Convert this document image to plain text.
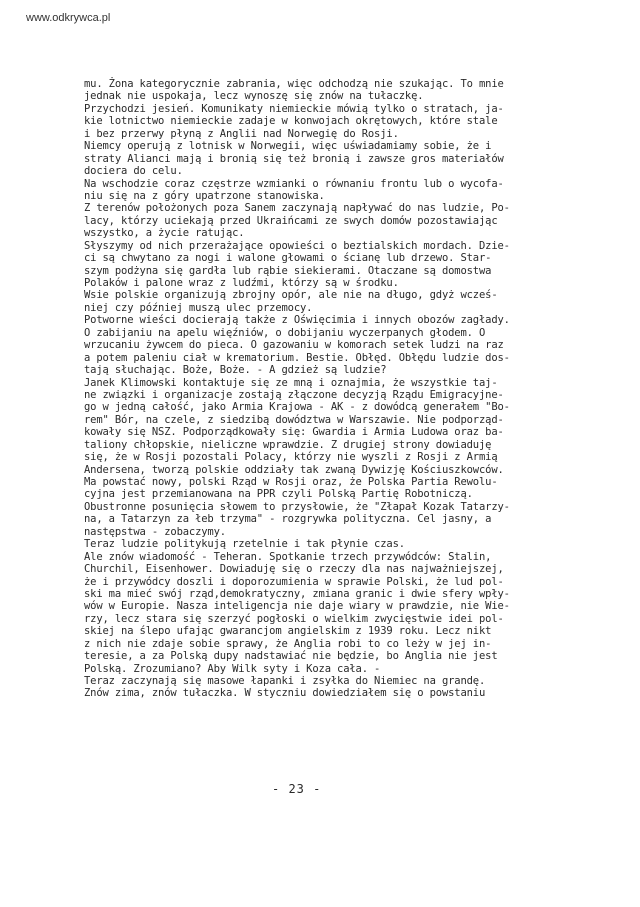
www.odkrywca.pl
mu. Żona kategorycznie zabrania, więc odchodzą nie szukając. To mnie
jednak nie uspokaja, lecz wynoszę się znów na tułaczkę.
Przychodzi jesień. Komunikaty niemieckie mówią tylko o stratach, ja-
kie lotnictwo niemieckie zadaje w konwojach okrętowych, które stale
i bez przerwy płyną z Anglii nad Norwegię do Rosji.
Niemcy operują z lotnisk w Norwegii, więc uświadamiamy sobie, że i
straty Alianci mają i bronią się też bronią i zawsze gros materiałów
dociera do celu.
Na wschodzie coraz częstrze wzmianki o równaniu frontu lub o wycofa-
niu się na z góry upatrzone stanowiska.
Z terenów położonych poza Sanem zaczynają napływać do nas ludzie, Po-
lacy, którzy uciekają przed Ukraińcami ze swych domów pozostawiając
wszystko, a życie ratując.
Słyszymy od nich przerażające opowieści o beztialskich mordach. Dzie-
ci są chwytano za nogi i walone głowami o ścianę lub drzewo. Star-
szym podżyna się gardła lub rąbie siekierami. Otaczane są domostwa
Polaków i palone wraz z ludźmi, którzy są w środku.
Wsie polskie organizują zbrojny opór, ale nie na długo, gdyż wcześ-
niej czy później muszą ulec przemocy.
Potworne wieści docierają także z Oświęcimia i innych obozów zagłady.
O zabijaniu na apelu więźniów, o dobijaniu wyczerpanych głodem. O
wrzucaniu żywcem do pieca. O gazowaniu w komorach setek ludzi na raz
a potem paleniu ciał w krematorium. Bestie. Obłęd. Obłędu ludzie dos-
tają słuchając. Boże, Boże. - A gdzież są ludzie?
Janek Klimowski kontaktuje się ze mną i oznajmia, że wszystkie taj-
ne związki i organizacje zostają złączone decyzją Rządu Emigracyjne-
go w jedną całość, jako Armia Krajowa - AK - z dowódcą generałem "Bo-
rem" Bór, na czele, z siedzibą dowództwa w Warszawie. Nie podporząd-
kowały się NSZ. Podporządkowały się: Gwardia i Armia Ludowa oraz ba-
taliony chłopskie, nieliczne wprawdzie. Z drugiej strony dowiaduję
się, że w Rosji pozostali Polacy, którzy nie wyszli z Rosji z Armią
Andersena, tworzą polskie oddziały tak zwaną Dywizję Kościuszkowców.
Ma powstać nowy, polski Rząd w Rosji oraz, że Polska Partia Rewolu-
cyjna jest przemianowana na PPR czyli Polską Partię Robotniczą.
Obustronne posunięcia słowem to przysłowie, że "Złapał Kozak Tatarzy-
na, a Tatarzyn za łeb trzyma" - rozgrywka polityczna. Cel jasny, a
następstwa - zobaczymy.
Teraz ludzie politykują rzetelnie i tak płynie czas.
Ale znów wiadomość - Teheran. Spotkanie trzech przywódców: Stalin,
Churchil, Eisenhower. Dowiaduję się o rzeczy dla nas najważniejszej,
że i przywódcy doszli i doporozumienia w sprawie Polski, że lud pol-
ski ma mieć swój rząd,demokratyczny, zmiana granic i dwie sfery wpły-
wów w Europie. Nasza inteligencja nie daje wiary w prawdzie, nie Wie-
rzy, lecz stara się szerzyć pogłoski o wielkim zwycięstwie idei pol-
skiej na ślepo ufając gwarancjom angielskim z 1939 roku. Lecz nikt
z nich nie zdaje sobie sprawy, że Anglia robi to co leży w jej in-
teresie, a za Polską dupy nadstawiać nie będzie, bo Anglia nie jest
Polską. Zrozumiano? Aby Wilk syty i Koza cała. -
Teraz zaczynają się masowe łapanki i zsyłka do Niemiec na grandę.
Znów zima, znów tułaczka. W styczniu dowiedziałem się o powstaniu
- 23 -
